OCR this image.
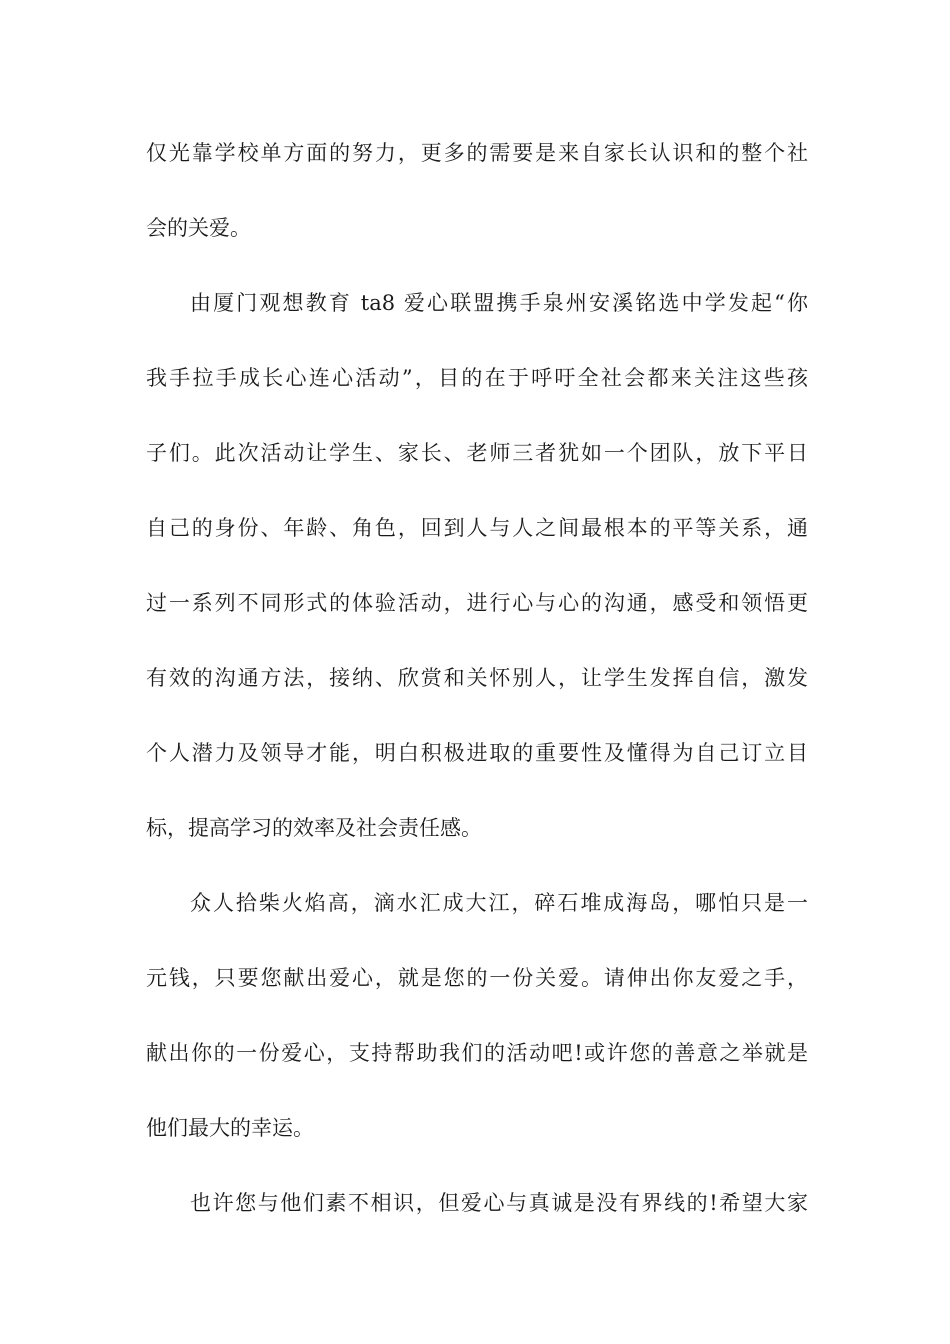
仅光靠学校单方面的努力，更多的需要是来自家长认识和的整个社
会的关爱。
由厦门观想教育 ta8 爱心联盟携手泉州安溪铭选中学发起“你
我手拉手成长心连心活动”，目的在于呼吁全社会都来关注这些孩
子们。此次活动让学生、家长、老师三者犹如一个团队，放下平日
自己的身份、年龄、角色，回到人与人之间最根本的平等关系，通
过一系列不同形式的体验活动，进行心与心的沟通，感受和领悟更
有效的沟通方法，接纳、欣赏和关怀别人，让学生发挥自信，激发
个人潜力及领导才能，明白积极进取的重要性及懂得为自己订立目
标，提高学习的效率及社会责任感。
众人拾柴火焰高，滴水汇成大江，碎石堆成海岛，哪怕只是一
元钱，只要您献出爱心，就是您的一份关爱。请伸出你友爱之手，
献出你的一份爱心，支持帮助我们的活动吧!或许您的善意之举就是
他们最大的幸运。
也许您与他们素不相识，但爱心与真诚是没有界线的!希望大家
